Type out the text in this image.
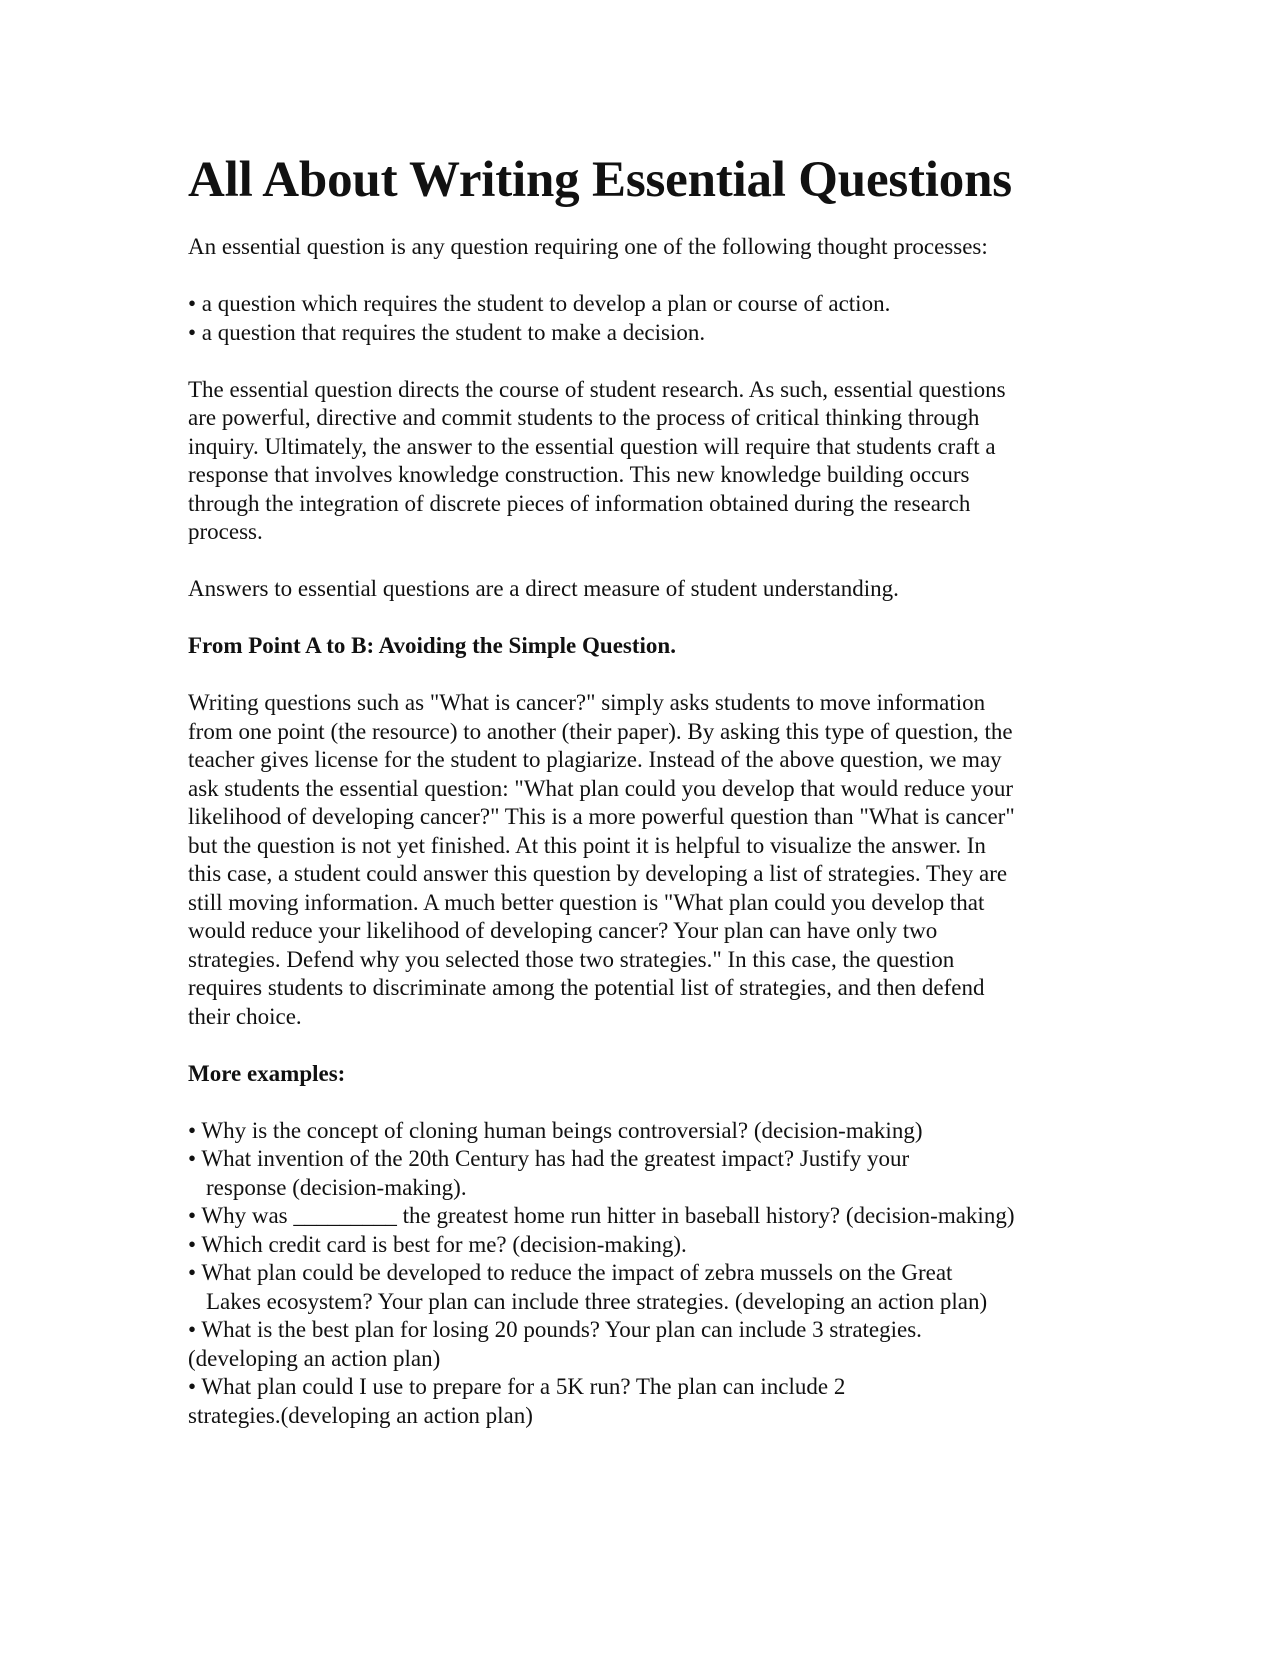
All About Writing Essential Questions

An essential question is any question requiring one of the following thought processes:

• a question which requires the student to develop a plan or course of action.

• a question that requires the student to make a decision.

The essential question directs the course of student research. As such, essential questions
are powerful, directive and commit students to the process of critical thinking through
inquiry. Ultimately, the answer to the essential question will require that students craft a
response that involves knowledge construction. This new knowledge building occurs
through the integration of discrete pieces of information obtained during the research
process.

Answers to essential questions are a direct measure of student understanding.

From Point A to B: Avoiding the Simple Question.

Writing questions such as "What is cancer?" simply asks students to move information
from one point (the resource) to another (their paper). By asking this type of question, the
teacher gives license for the student to plagiarize. Instead of the above question, we may
ask students the essential question: "What plan could you develop that would reduce your
likelihood of developing cancer?" This is a more powerful question than "What is cancer"
but the question is not yet finished. At this point it is helpful to visualize the answer. In
this case, a student could answer this question by developing a list of strategies. They are
still moving information. A much better question is "What plan could you develop that
would reduce your likelihood of developing cancer? Your plan can have only two
strategies. Defend why you selected those two strategies." In this case, the question
requires students to discriminate among the potential list of strategies, and then defend
their choice.

More examples:

• Why is the concept of cloning human beings controversial? (decision-making)
• What invention of the 20th Century has had the greatest impact? Justify your
response (decision-making).
• Why was _________ the greatest home run hitter in baseball history? (decision-making)
• Which credit card is best for me? (decision-making).
• What plan could be developed to reduce the impact of zebra mussels on the Great
Lakes ecosystem? Your plan can include three strategies. (developing an action plan)
• What is the best plan for losing 20 pounds? Your plan can include 3 strategies.
(developing an action plan)
• What plan could I use to prepare for a 5K run? The plan can include 2
strategies.(developing an action plan)
